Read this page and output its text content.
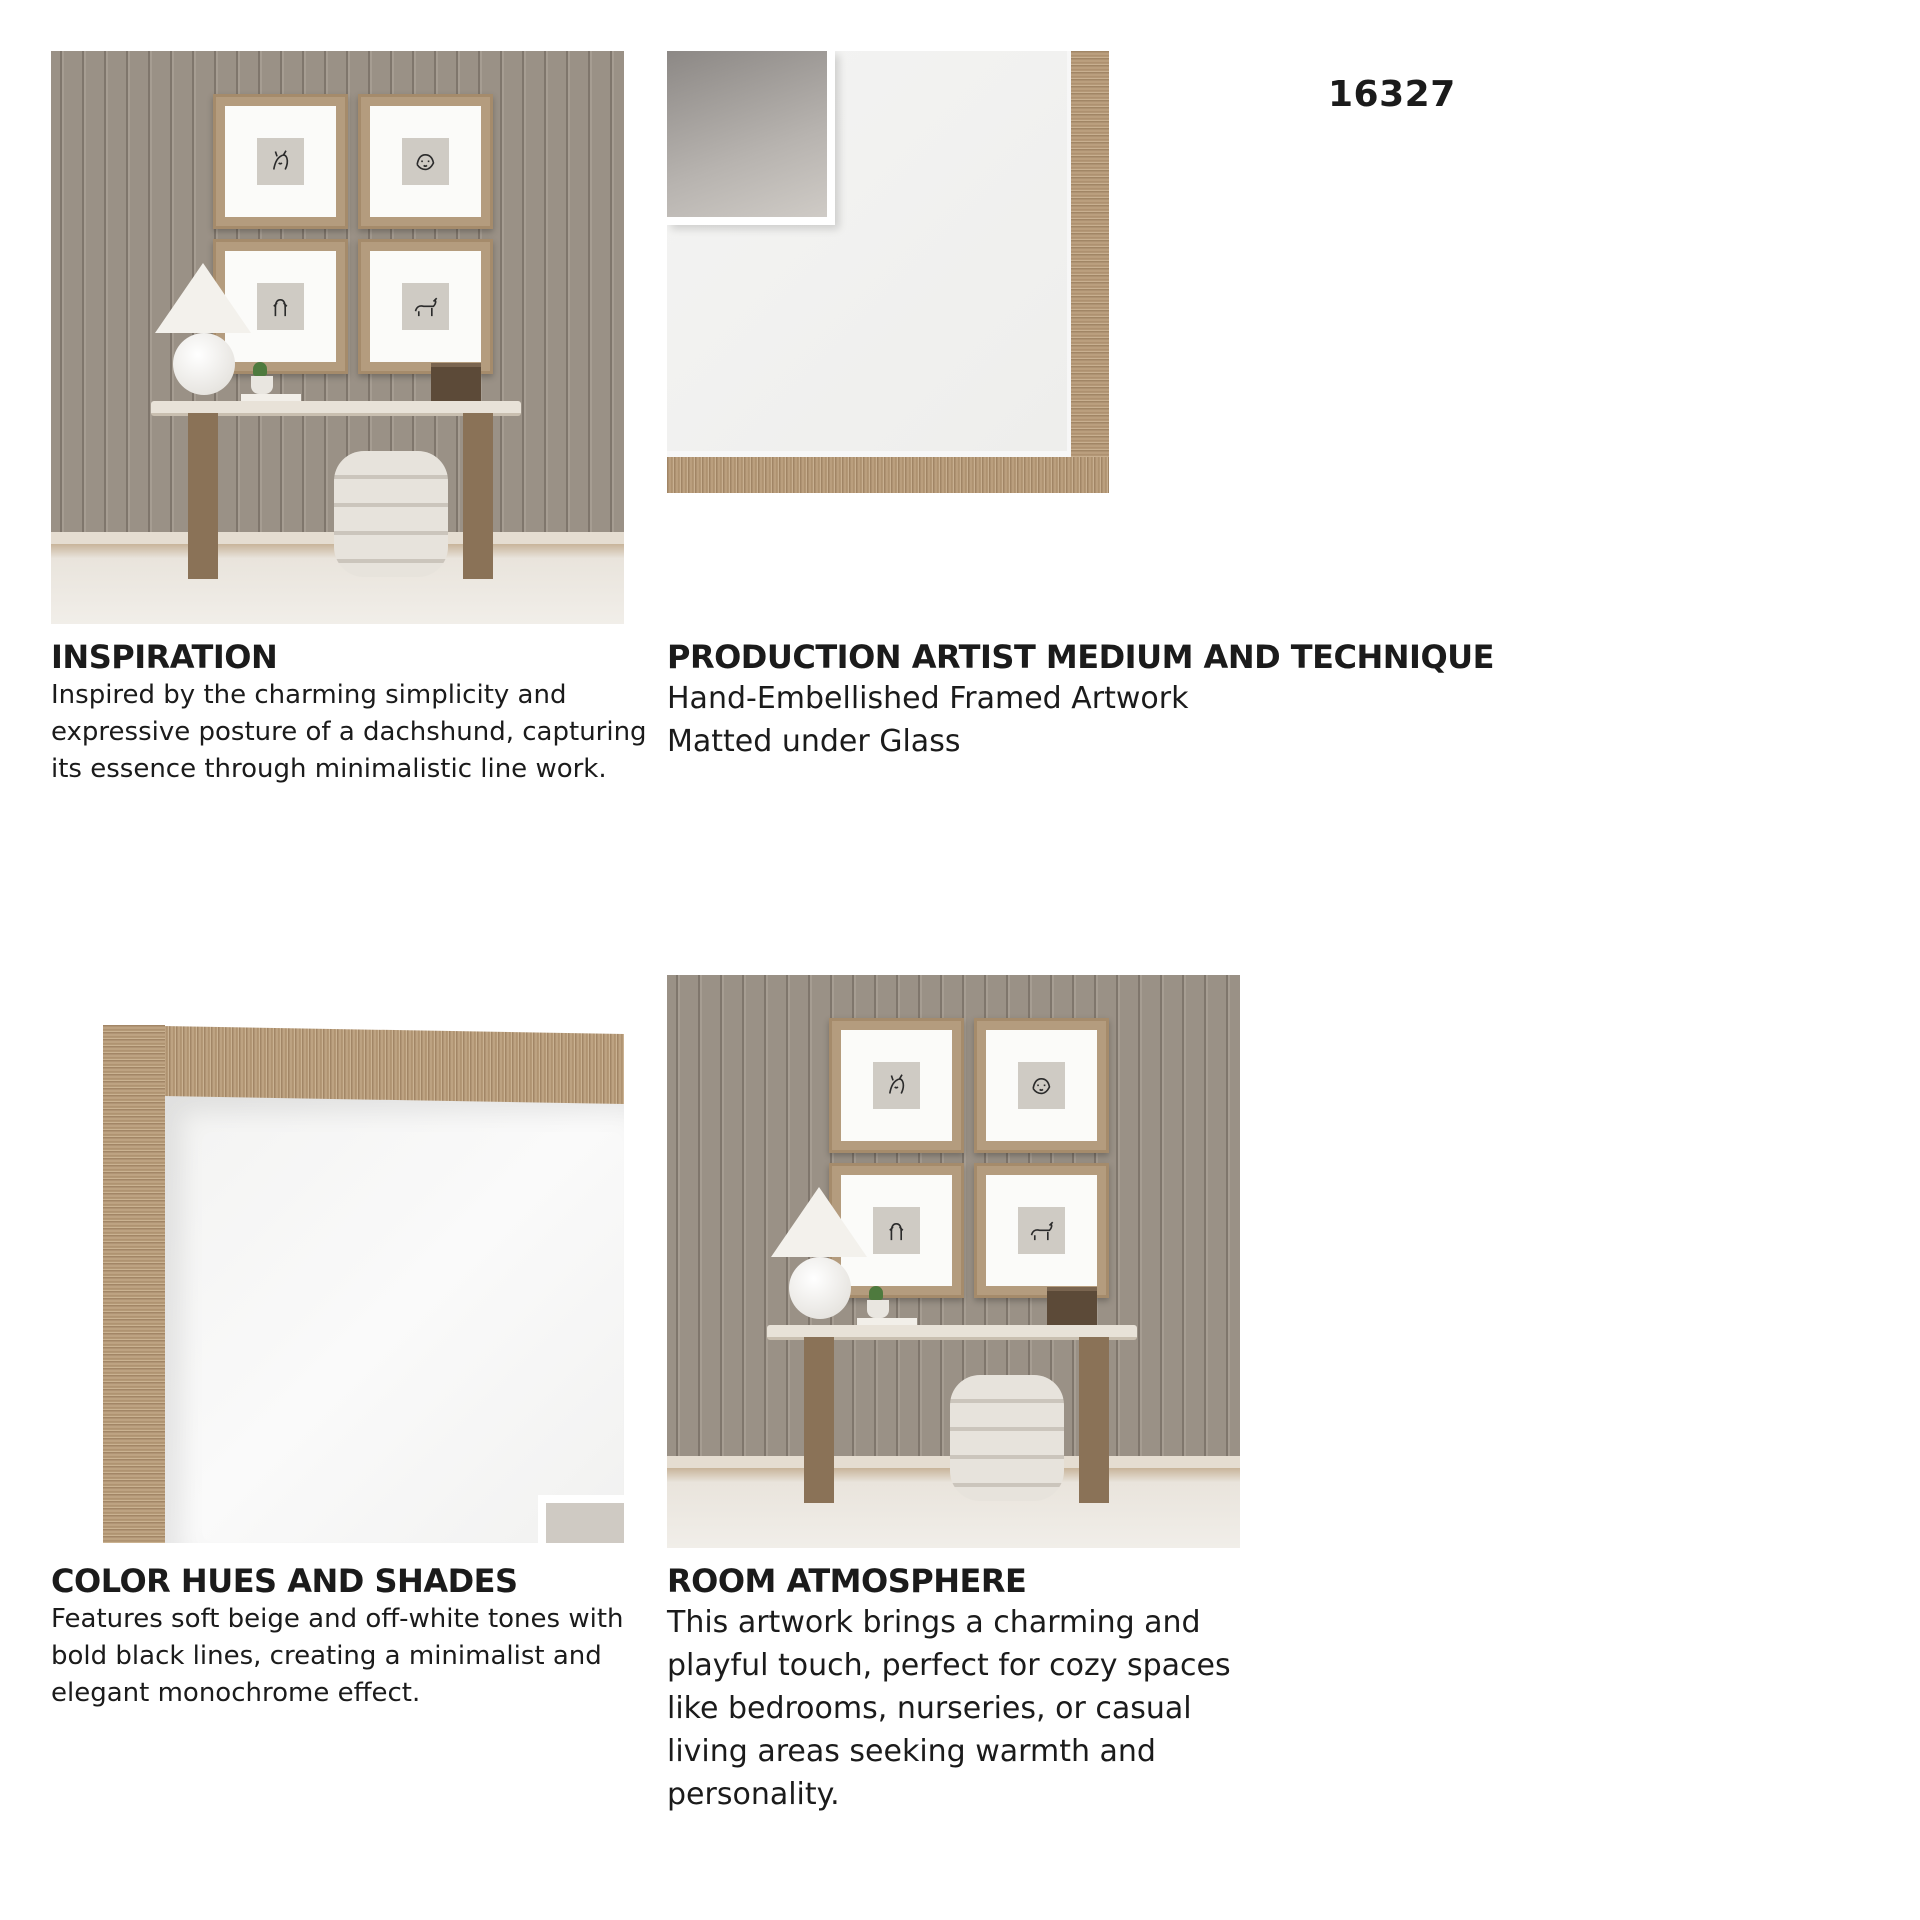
16327
INSPIRATION
Inspired by the charming simplicity and
expressive posture of a dachshund, capturing
its essence through minimalistic line work.
PRODUCTION ARTIST MEDIUM AND TECHNIQUE
Hand-Embellished Framed Artwork
Matted under Glass
COLOR HUES AND SHADES
Features soft beige and off-white tones with
bold black lines, creating a minimalist and
elegant monochrome effect.
ROOM ATMOSPHERE
This artwork brings a charming and
playful touch, perfect for cozy spaces
like bedrooms, nurseries, or casual
living areas seeking warmth and
personality.
